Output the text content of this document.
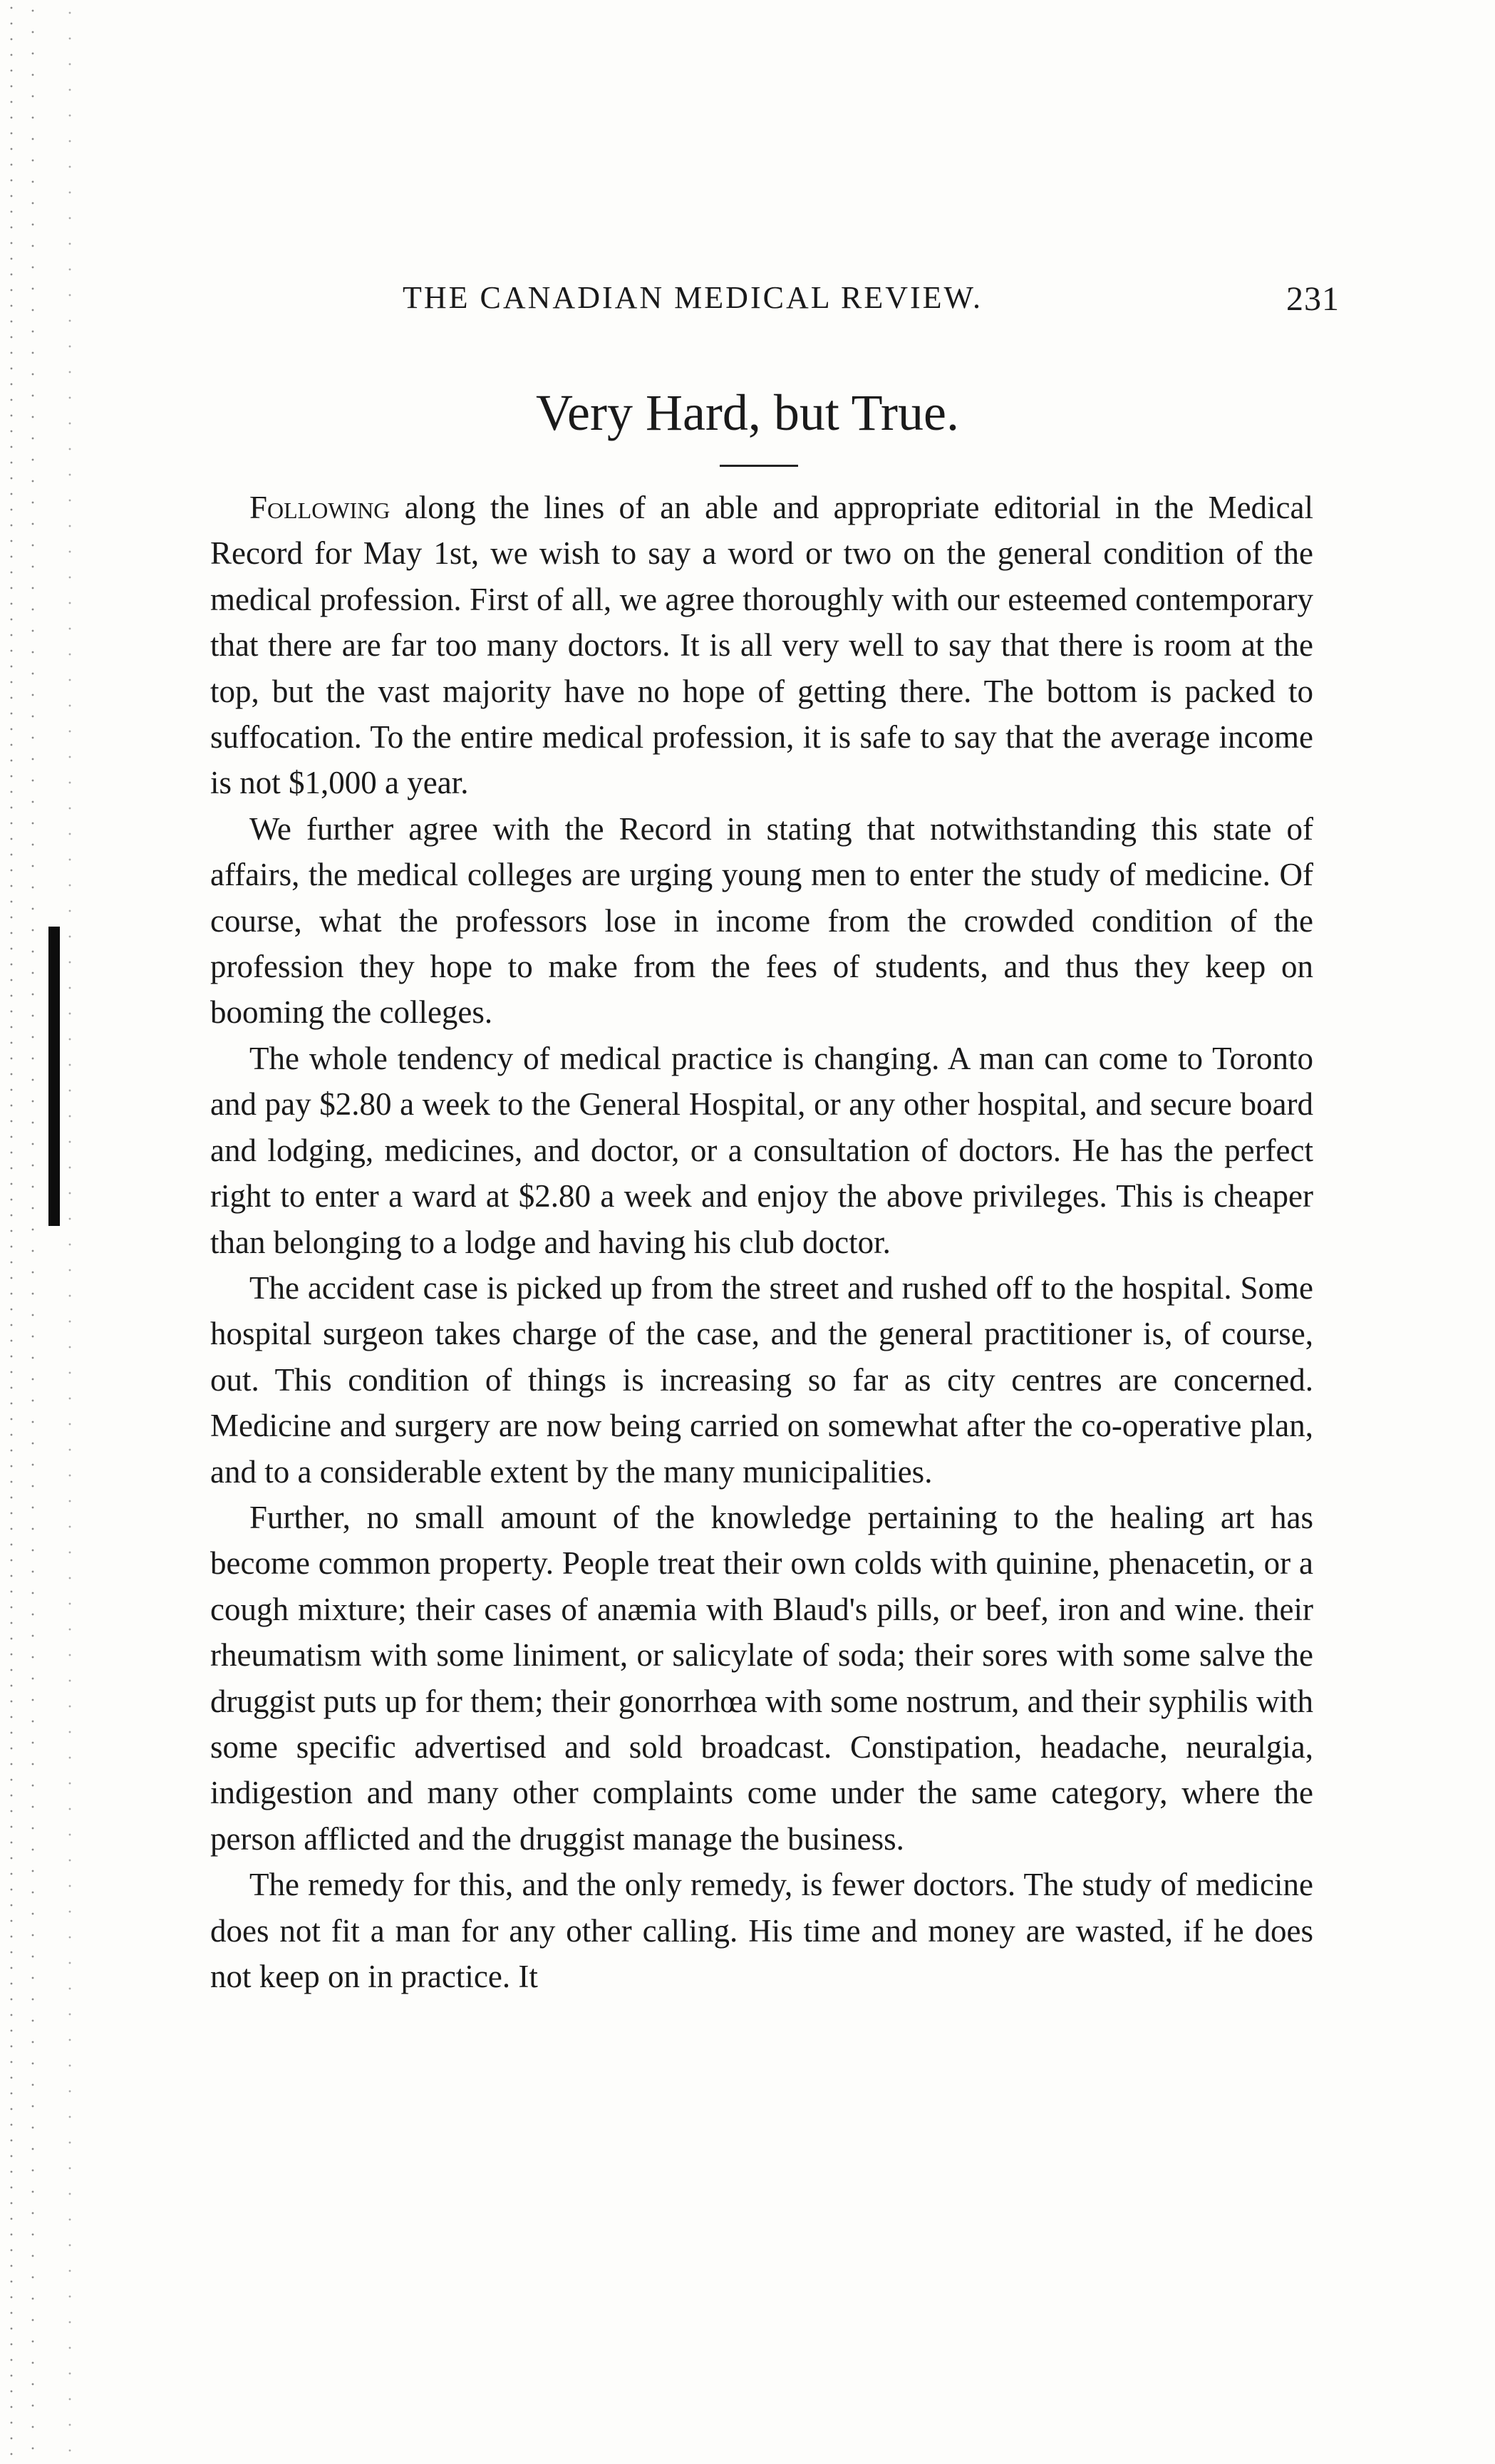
THE CANADIAN MEDICAL REVIEW.	231
Very Hard, but True.

Following along the lines of an able and appropriate editorial in the Medical Record for May 1st, we wish to say a word or two on the general condition of the medical profession. First of all, we agree thoroughly with our esteemed contemporary that there are far too many doctors. It is all very well to say that there is room at the top, but the vast majority have no hope of getting there. The bottom is packed to suffocation. To the entire medical profession, it is safe to say that the average income is not $1,000 a year.

We further agree with the Record in stating that notwithstanding this state of affairs, the medical colleges are urging young men to enter the study of medicine. Of course, what the professors lose in income from the crowded condition of the profession they hope to make from the fees of students, and thus they keep on booming the colleges.

The whole tendency of medical practice is changing. A man can come to Toronto and pay $2.80 a week to the General Hospital, or any other hospital, and secure board and lodging, medicines, and doctor, or a consultation of doctors. He has the perfect right to enter a ward at $2.80 a week and enjoy the above privileges. This is cheaper than belonging to a lodge and having his club doctor.

The accident case is picked up from the street and rushed off to the hospital. Some hospital surgeon takes charge of the case, and the general practitioner is, of course, out. This condition of things is increasing so far as city centres are concerned. Medicine and surgery are now being carried on somewhat after the co-operative plan, and to a considerable extent by the many municipalities.

Further, no small amount of the knowledge pertaining to the healing art has become common property. People treat their own colds with quinine, phenacetin, or a cough mixture; their cases of anæmia with Blaud's pills, or beef, iron and wine. their rheumatism with some liniment, or salicylate of soda; their sores with some salve the druggist puts up for them; their gonorrhœa with some nostrum, and their syphilis with some specific advertised and sold broadcast. Constipation, headache, neuralgia, indigestion and many other complaints come under the same category, where the person afflicted and the druggist manage the business.

The remedy for this, and the only remedy, is fewer doctors. The study of medicine does not fit a man for any other calling. His time and money are wasted, if he does not keep on in practice. It
